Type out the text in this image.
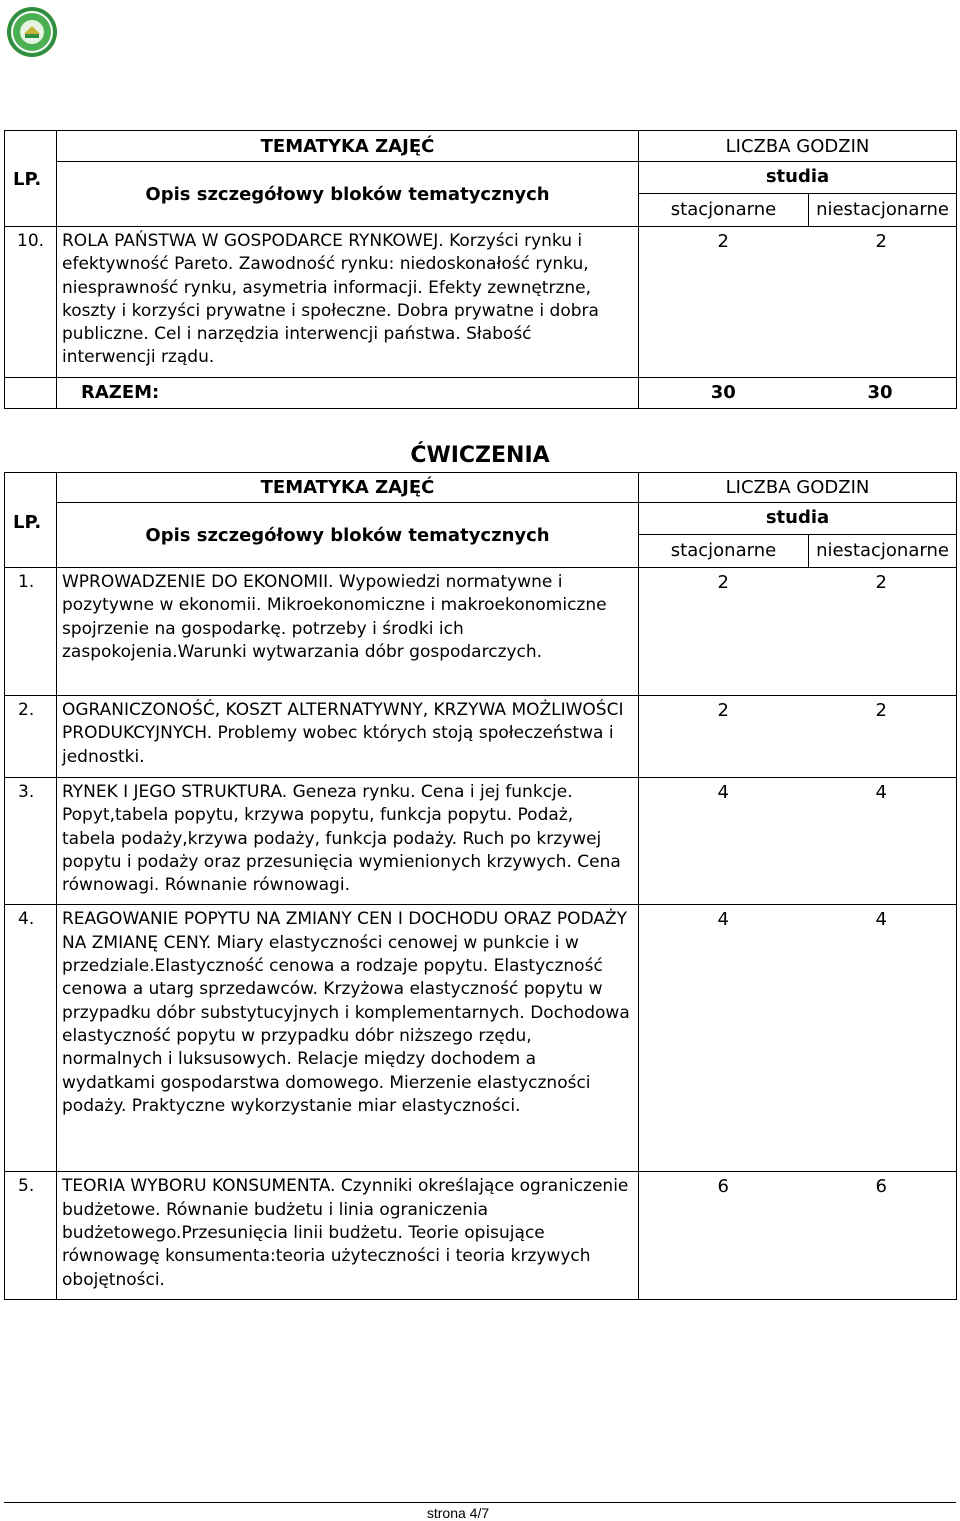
LP.	TEMATYKA ZAJĘĆ	LICZBA GODZIN	
	Opis szczegółowy bloków tematycznych	studia
stacjonarne niestacjonarne	

10.	ROLA PAŃSTWA W GOSPODARCE RYNKOWEJ. Korzyści rynku i efektywność Pareto. Zawodność rynku: niedoskonałość rynku, niesprawność rynku, asymetria informacji. Efekty zewnętrzne, koszty i korzyści prywatne i społeczne. Dobra prywatne i dobra publiczne. Cel i narzędzia interwencji państwa. Słabość interwencji rządu.	2	2
	RAZEM:	30	30
ĆWICZENIA
LP.	TEMATYKA ZAJĘĆ	LICZBA GODZIN	
	Opis szczegółowy bloków tematycznych	studia
stacjonarne niestacjonarne	

1.	WPROWADZENIE DO EKONOMII. Wypowiedzi normatywne i pozytywne w ekonomii. Mikroekonomiczne i makroekonomiczne spojrzenie na gospodarkę. potrzeby i środki ich zaspokojenia.Warunki wytwarzania dóbr gospodarczych.	2	2
2.	OGRANICZONOŚĆ, KOSZT ALTERNATYWNY, KRZYWA MOŻLIWOŚCI PRODUKCYJNYCH. Problemy wobec których stoją społeczeństwa i jednostki.	2	2
3.	RYNEK I JEGO STRUKTURA. Geneza rynku. Cena i jej funkcje. Popyt,tabela popytu, krzywa popytu, funkcja popytu. Podaż, tabela podaży,krzywa podaży, funkcja podaży. Ruch po krzywej popytu i podaży oraz przesunięcia wymienionych krzywych. Cena równowagi. Równanie równowagi.	4	4
4.	REAGOWANIE POPYTU NA ZMIANY CEN I DOCHODU ORAZ PODAŻY NA ZMIANĘ CENY. Miary elastyczności cenowej w punkcie i w przedziale.Elastyczność cenowa a rodzaje popytu. Elastyczność cenowa a utarg sprzedawców. Krzyżowa elastyczność popytu w przypadku dóbr substytucyjnych i komplementarnych. Dochodowa elastyczność popytu w przypadku dóbr niższego rzędu, normalnych i luksusowych. Relacje między dochodem a wydatkami gospodarstwa domowego. Mierzenie elastyczności podaży. Praktyczne wykorzystanie miar elastyczności.	4	4
5.	TEORIA WYBORU KONSUMENTA. Czynniki określające ograniczenie budżetowe. Równanie budżetu i linia ograniczenia budżetowego.Przesunięcia linii budżetu. Teorie opisujące równowagę konsumenta:teoria użyteczności i teoria krzywych obojętności.	6	6
strona 4/7
